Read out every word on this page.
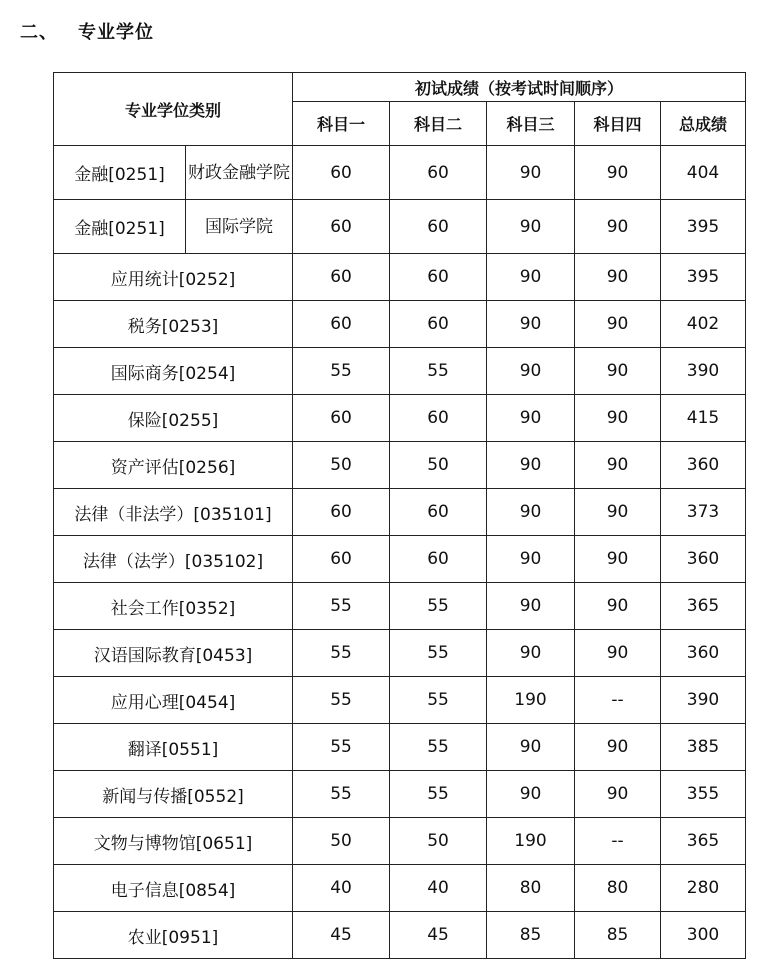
二、 专业学位
专业学位类别		初试成绩（按考试时间顺序）				
		科目一	科目二	科目三	科目四	总成绩
金融[0251]	财政金融学院	60	60	90	90	404
金融[0251]	国际学院	60	60	90	90	395
应用统计[0252]		60	60	90	90	395
税务[0253]		60	60	90	90	402
国际商务[0254]		55	55	90	90	390
保险[0255]		60	60	90	90	415
资产评估[0256]		50	50	90	90	360
法律（非法学）[035101]		60	60	90	90	373
法律（法学）[035102]		60	60	90	90	360
社会工作[0352]		55	55	90	90	365
汉语国际教育[0453]		55	55	90	90	360
应用心理[0454]		55	55	190	--	390
翻译[0551]		55	55	90	90	385
新闻与传播[0552]		55	55	90	90	355
文物与博物馆[0651]		50	50	190	--	365
电子信息[0854]		40	40	80	80	280
农业[0951]		45	45	85	85	300
